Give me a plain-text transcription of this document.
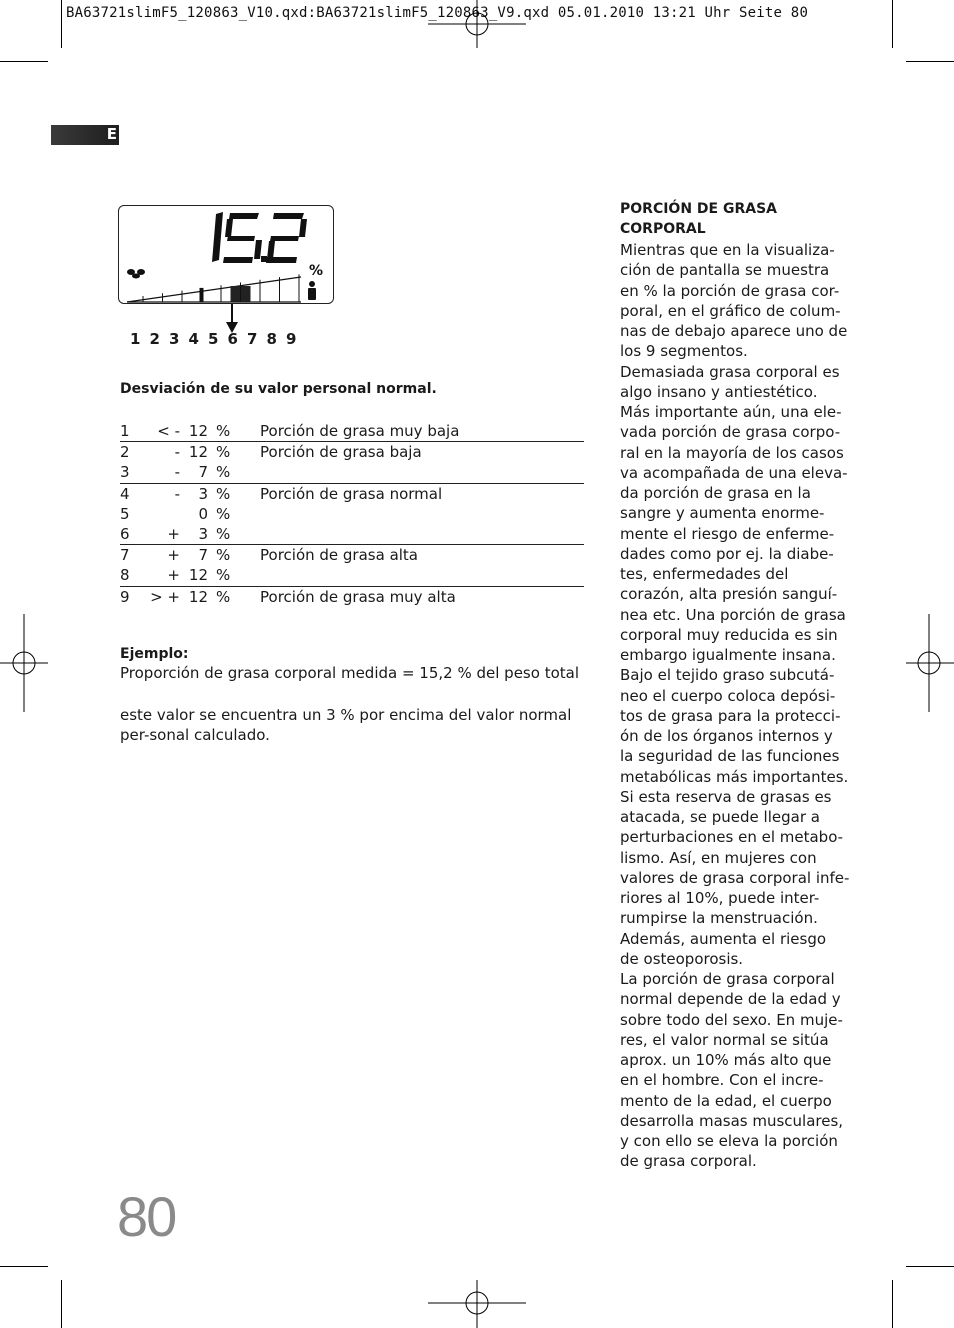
BA63721slimF5_120863_V10.qxd:BA63721slimF5_120863_V9.qxd 05.01.2010 13:21 Uhr Seite 80
E
%
1 2 3 4 5 6 7 8 9
Desviación de su valor personal normal.
1	< -	12	%	Porción de grasa muy baja
2	-	12	%	Porción de grasa baja
3	-	7	%	
4	-	3	%	Porción de grasa normal
5		0	%	
6	+	3	%	
7	+	7	%	Porción de grasa alta
8	+	12	%	
9	> +	12	%	Porción de grasa muy alta
Ejemplo:
Proporción de grasa corporal medida = 15,2 % del peso total
este valor se encuentra un 3 % por encima del valor normal per-sonal calculado.
PORCIÓN DE GRASA CORPORAL
Mientras que en la visualiza-
ción de pantalla se muestra
en % la porción de grasa cor-
poral, en el gráfico de colum-
nas de debajo aparece uno de
los 9 segmentos.
Demasiada grasa corporal es
algo insano y antiestético.
Más importante aún, una ele-
vada porción de grasa corpo-
ral en la mayoría de los casos
va acompañada de una eleva-
da porción de grasa en la
sangre y aumenta enorme-
mente el riesgo de enferme-
dades como por ej. la diabe-
tes, enfermedades del
corazón, alta presión sanguí-
nea etc. Una porción de grasa
corporal muy reducida es sin
embargo igualmente insana.
Bajo el tejido graso subcutá-
neo el cuerpo coloca depósi-
tos de grasa para la protecci-
ón de los órganos internos y
la seguridad de las funciones
metabólicas más importantes.
Si esta reserva de grasas es
atacada, se puede llegar a
perturbaciones en el metabo-
lismo. Así, en mujeres con
valores de grasa corporal infe-
riores al 10%, puede inter-
rumpirse la menstruación.
Además, aumenta el riesgo
de osteoporosis.
La porción de grasa corporal
normal depende de la edad y
sobre todo del sexo. En muje-
res, el valor normal se sitúa
aprox. un 10% más alto que
en el hombre. Con el incre-
mento de la edad, el cuerpo
desarrolla masas musculares,
y con ello se eleva la porción
de grasa corporal.
80
